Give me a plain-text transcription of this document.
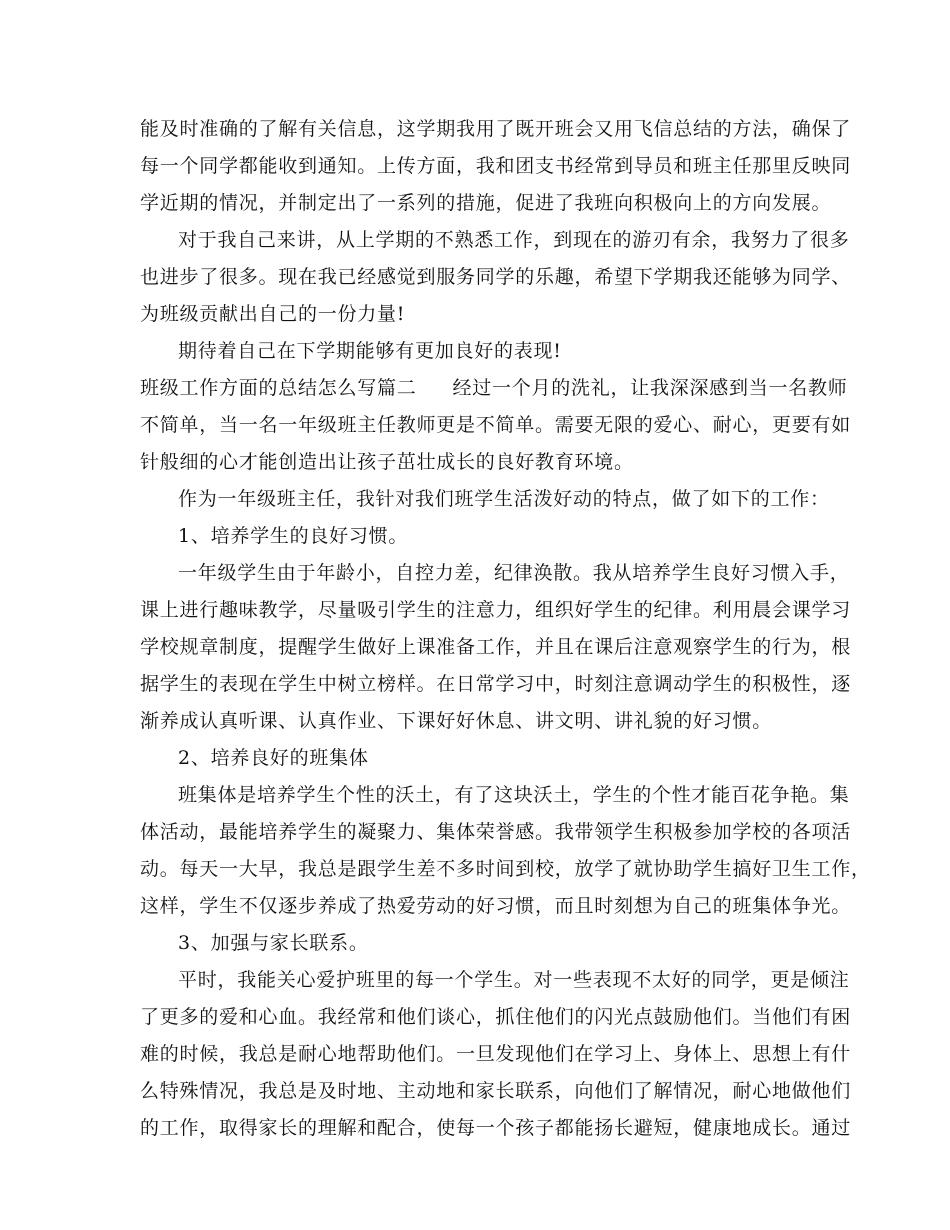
能及时准确的了解有关信息，这学期我用了既开班会又用飞信总结的方法，确保了
每一个同学都能收到通知。上传方面，我和团支书经常到导员和班主任那里反映同
学近期的情况，并制定出了一系列的措施，促进了我班向积极向上的方向发展。
对于我自己来讲，从上学期的不熟悉工作，到现在的游刃有余，我努力了很多
也进步了很多。现在我已经感觉到服务同学的乐趣，希望下学期我还能够为同学、
为班级贡献出自己的一份力量!
期待着自己在下学期能够有更加良好的表现!
班级工作方面的总结怎么写篇二 经过一个月的洗礼，让我深深感到当一名教师
不简单，当一名一年级班主任教师更是不简单。需要无限的爱心、耐心，更要有如
针般细的心才能创造出让孩子茁壮成长的良好教育环境。
作为一年级班主任，我针对我们班学生活泼好动的特点，做了如下的工作：
1、培养学生的良好习惯。
一年级学生由于年龄小，自控力差，纪律涣散。我从培养学生良好习惯入手，
课上进行趣味教学，尽量吸引学生的注意力，组织好学生的纪律。利用晨会课学习
学校规章制度，提醒学生做好上课准备工作，并且在课后注意观察学生的行为，根
据学生的表现在学生中树立榜样。在日常学习中，时刻注意调动学生的积极性，逐
渐养成认真听课、认真作业、下课好好休息、讲文明、讲礼貌的好习惯。
2、培养良好的班集体
班集体是培养学生个性的沃土，有了这块沃土，学生的个性才能百花争艳。集
体活动，最能培养学生的凝聚力、集体荣誉感。我带领学生积极参加学校的各项活
动。每天一大早，我总是跟学生差不多时间到校，放学了就协助学生搞好卫生工作，
这样，学生不仅逐步养成了热爱劳动的好习惯，而且时刻想为自己的班集体争光。
3、加强与家长联系。
平时，我能关心爱护班里的每一个学生。对一些表现不太好的同学，更是倾注
了更多的爱和心血。我经常和他们谈心，抓住他们的闪光点鼓励他们。当他们有困
难的时候，我总是耐心地帮助他们。一旦发现他们在学习上、身体上、思想上有什
么特殊情况，我总是及时地、主动地和家长联系，向他们了解情况，耐心地做他们
的工作，取得家长的理解和配合，使每一个孩子都能扬长避短，健康地成长。通过
